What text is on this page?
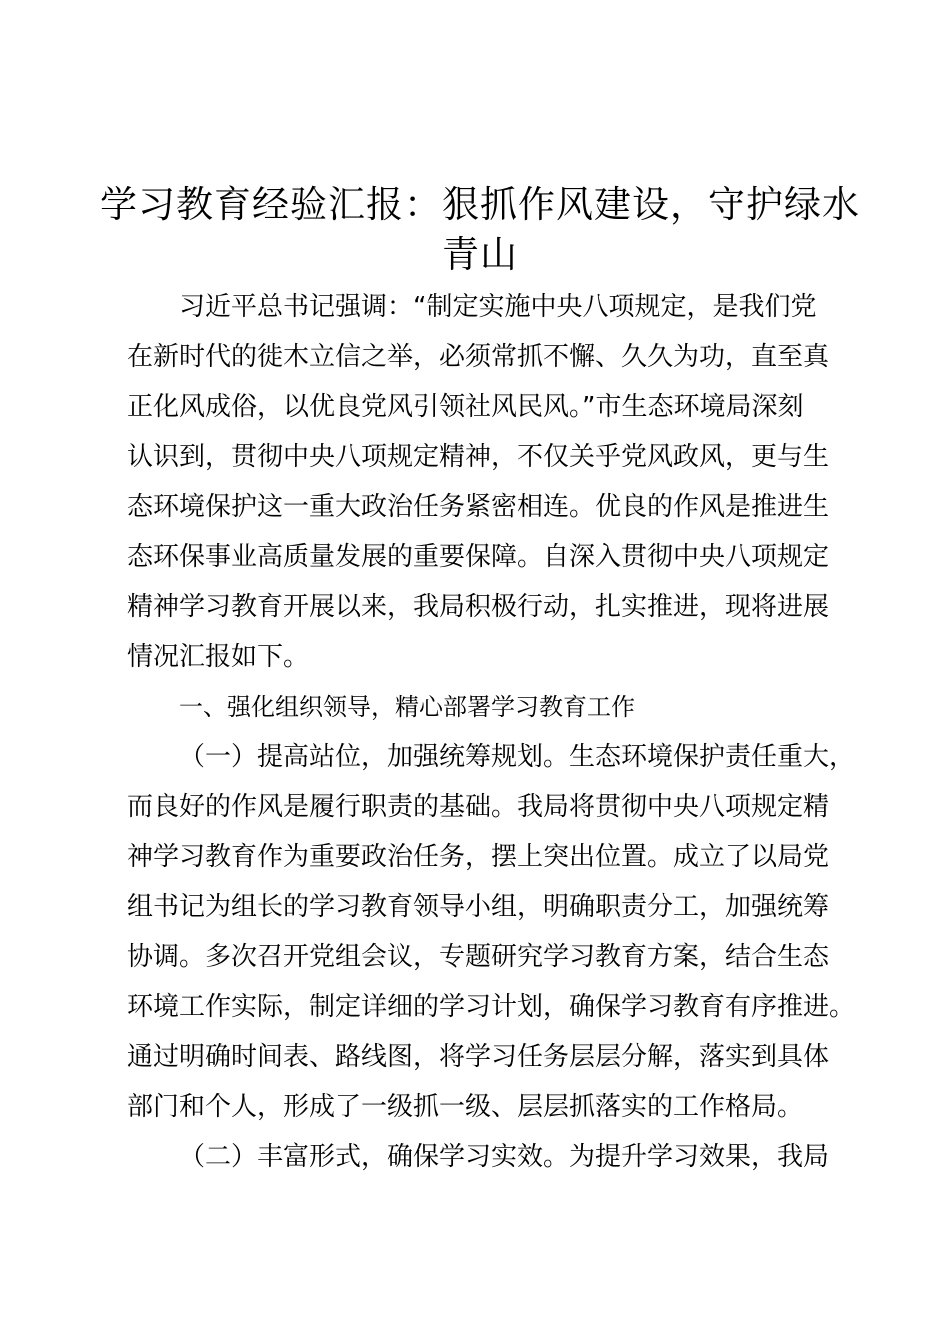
学习教育经验汇报：狠抓作风建设，守护绿水
青山
习近平总书记强调：“制定实施中央八项规定，是我们党
在新时代的徙木立信之举，必须常抓不懈、久久为功，直至真
正化风成俗，以优良党风引领社风民风。”市生态环境局深刻
认识到，贯彻中央八项规定精神，不仅关乎党风政风，更与生
态环境保护这一重大政治任务紧密相连。优良的作风是推进生
态环保事业高质量发展的重要保障。自深入贯彻中央八项规定
精神学习教育开展以来，我局积极行动，扎实推进，现将进展
情况汇报如下。
一、强化组织领导，精心部署学习教育工作
（一）提高站位，加强统筹规划。生态环境保护责任重大，
而良好的作风是履行职责的基础。我局将贯彻中央八项规定精
神学习教育作为重要政治任务，摆上突出位置。成立了以局党
组书记为组长的学习教育领导小组，明确职责分工，加强统筹
协调。多次召开党组会议，专题研究学习教育方案，结合生态
环境工作实际，制定详细的学习计划，确保学习教育有序推进。
通过明确时间表、路线图，将学习任务层层分解，落实到具体
部门和个人，形成了一级抓一级、层层抓落实的工作格局。
（二）丰富形式，确保学习实效。为提升学习效果，我局
